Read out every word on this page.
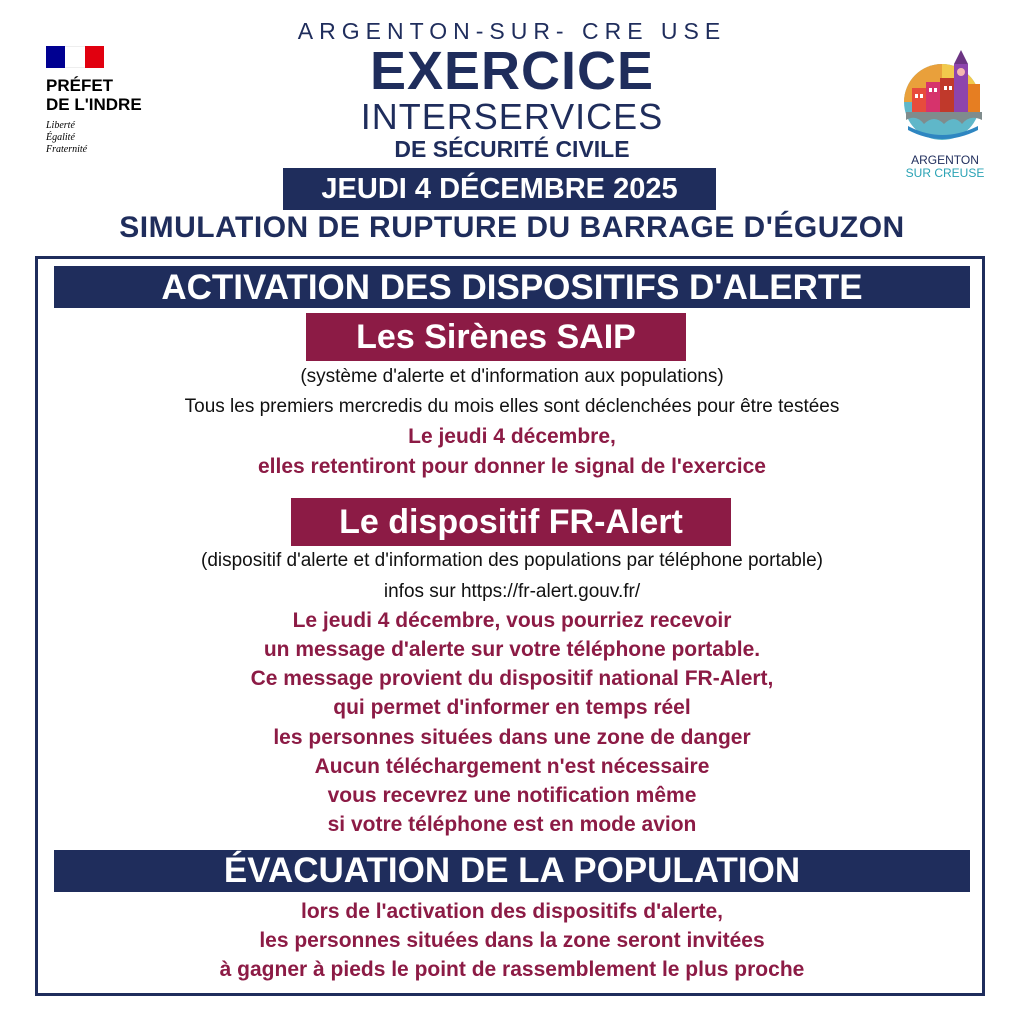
PRÉFET
DE L'INDRE
Liberté
Égalité
Fraternité
ARGENTON
SUR CREUSE
ARGENTON-SUR- CRE USE
EXERCICE
INTERSERVICES
DE SÉCURITÉ CIVILE
JEUDI 4 DÉCEMBRE 2025
SIMULATION DE RUPTURE DU BARRAGE D'ÉGUZON
ACTIVATION DES DISPOSITIFS D'ALERTE
Les Sirènes SAIP
(système d'alerte et d'information aux populations)
Tous les premiers mercredis du mois elles sont déclenchées pour être testées
Le jeudi 4 décembre,
elles retentiront pour donner le signal de l'exercice
Le dispositif FR-Alert
(dispositif d'alerte et d'information des populations par téléphone portable)
infos sur https://fr-alert.gouv.fr/
Le jeudi 4 décembre, vous pourriez recevoir
un message d'alerte sur votre téléphone portable.
Ce message provient du dispositif national FR-Alert,
qui permet d'informer en temps réel
les personnes situées dans une zone de danger
Aucun téléchargement n'est nécessaire
vous recevrez une notification même
si votre téléphone est en mode avion
ÉVACUATION DE LA POPULATION
lors de l'activation des dispositifs d'alerte,
les personnes situées dans la zone seront invitées
à gagner à pieds le point de rassemblement le plus proche
